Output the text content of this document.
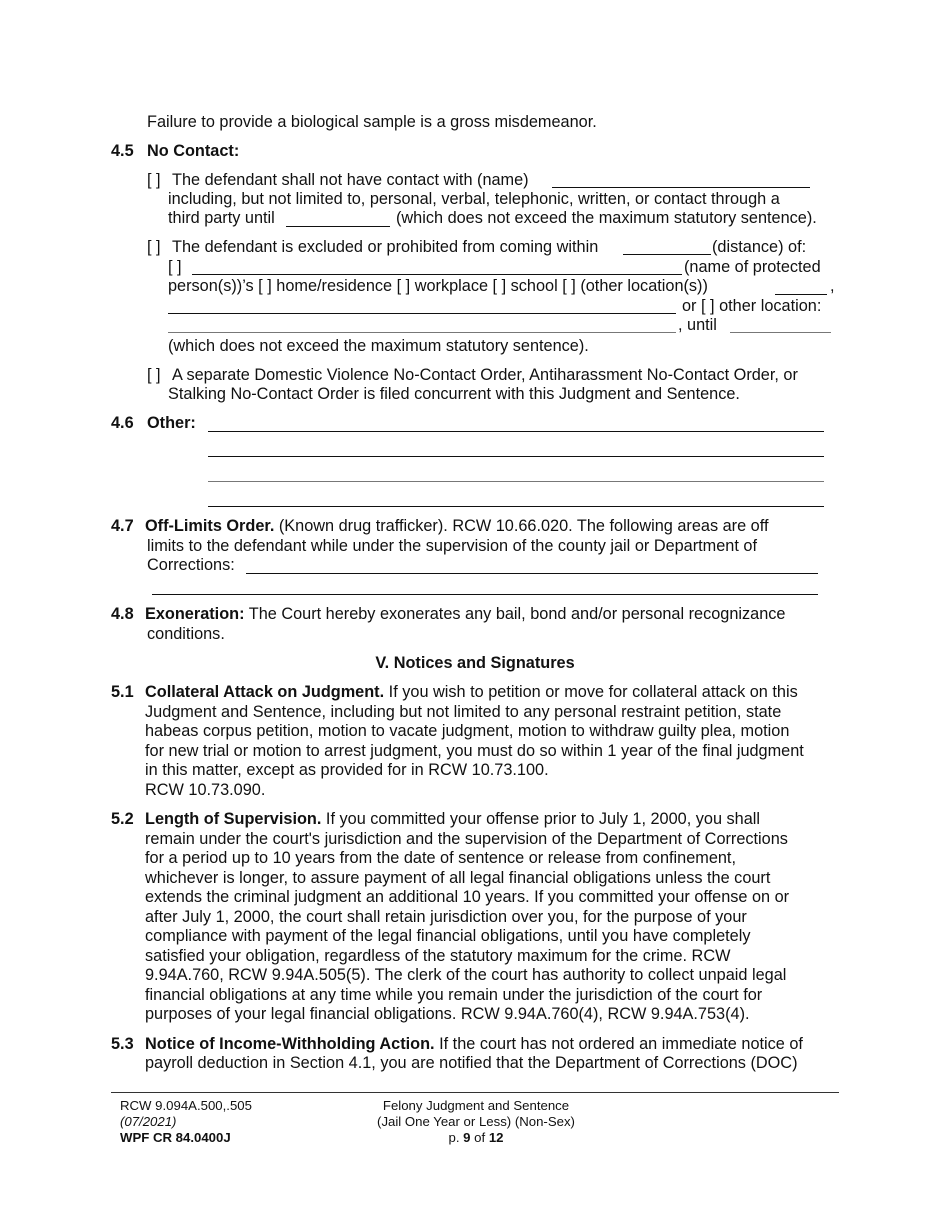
Failure to provide a biological sample is a gross misdemeanor.
4.5 No Contact:
[ ] The defendant shall not have contact with (name)
including, but not limited to, personal, verbal, telephonic, written, or contact through a
third party until	(which does not exceed the maximum statutory sentence).
[ ] The defendant is excluded or prohibited from coming within	(distance) of:
[ ]	(name of protected
person(s))’s [ ] home/residence [ ] workplace [ ] school [ ] (other location(s))	,
or [ ] other location:
, until
(which does not exceed the maximum statutory sentence).
[ ] A separate Domestic Violence No-Contact Order, Antiharassment No-Contact Order, or
Stalking No-Contact Order is filed concurrent with this Judgment and Sentence.
4.6 Other:
4.7 Off-Limits Order. (Known drug trafficker). RCW 10.66.020. The following areas are off
limits to the defendant while under the supervision of the county jail or Department of
Corrections:
4.8 Exoneration: The Court hereby exonerates any bail, bond and/or personal recognizance
conditions.
V. Notices and Signatures
5.1 Collateral Attack on Judgment. If you wish to petition or move for collateral attack on this
Judgment and Sentence, including but not limited to any personal restraint petition, state
habeas corpus petition, motion to vacate judgment, motion to withdraw guilty plea, motion
for new trial or motion to arrest judgment, you must do so within 1 year of the final judgment
in this matter, except as provided for in RCW 10.73.100.
RCW 10.73.090.
5.2 Length of Supervision. If you committed your offense prior to July 1, 2000, you shall
remain under the court's jurisdiction and the supervision of the Department of Corrections
for a period up to 10 years from the date of sentence or release from confinement,
whichever is longer, to assure payment of all legal financial obligations unless the court
extends the criminal judgment an additional 10 years. If you committed your offense on or
after July 1, 2000, the court shall retain jurisdiction over you, for the purpose of your
compliance with payment of the legal financial obligations, until you have completely
satisfied your obligation, regardless of the statutory maximum for the crime. RCW
9.94A.760, RCW 9.94A.505(5). The clerk of the court has authority to collect unpaid legal
financial obligations at any time while you remain under the jurisdiction of the court for
purposes of your legal financial obligations. RCW 9.94A.760(4), RCW 9.94A.753(4).
5.3 Notice of Income-Withholding Action. If the court has not ordered an immediate notice of
payroll deduction in Section 4.1, you are notified that the Department of Corrections (DOC)
RCW 9.094A.500,.505
(07/2021)
WPF CR 84.0400J
Felony Judgment and Sentence
(Jail One Year or Less) (Non-Sex)
p. 9 of 12
